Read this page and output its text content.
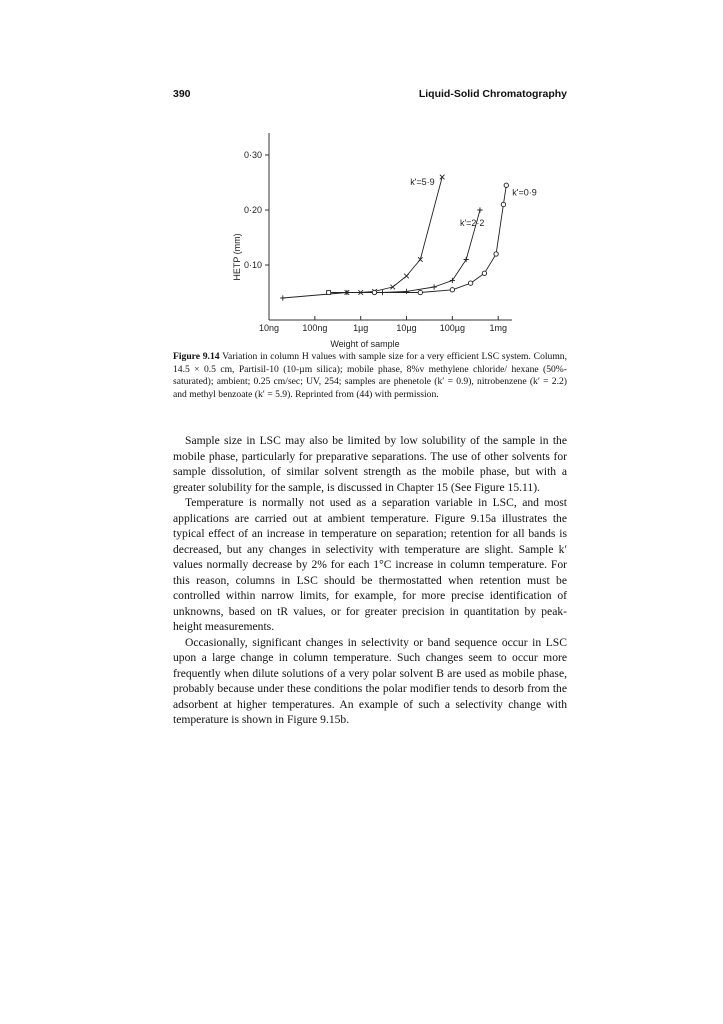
390	Liquid-Solid Chromatography
HETP (mm)
Weight of sample
0·30
0·20
0·10
10ng	100ng	1µg	10µg	100µg	1mg
k'=5·9
k'=2·2
k'=0·9
Figure 9.14 Variation in column H values with sample size for a very efficient LSC system. Column, 14.5 × 0.5 cm, Partisil-10 (10-µm silica); mobile phase, 8%v methylene chloride/ hexane (50%-saturated); ambient; 0.25 cm/sec; UV, 254; samples are phenetole (k′ = 0.9), nitrobenzene (k′ = 2.2) and methyl benzoate (k′ = 5.9). Reprinted from (44) with permission.

Sample size in LSC may also be limited by low solubility of the sample in the mobile phase, particularly for preparative separations. The use of other solvents for sample dissolution, of similar solvent strength as the mobile phase, but with a greater solubility for the sample, is discussed in Chapter 15 (See Figure 15.11).

Temperature is normally not used as a separation variable in LSC, and most applications are carried out at ambient temperature. Figure 9.15a illustrates the typical effect of an increase in temperature on separation; retention for all bands is decreased, but any changes in selectivity with temperature are slight. Sample k′ values normally decrease by 2% for each 1°C increase in column temperature. For this reason, columns in LSC should be thermostatted when retention must be controlled within narrow limits, for example, for more precise identification of unknowns, based on tR values, or for greater precision in quantitation by peak-height measurements.

Occasionally, significant changes in selectivity or band sequence occur in LSC upon a large change in column temperature. Such changes seem to occur more frequently when dilute solutions of a very polar solvent B are used as mobile phase, probably because under these conditions the polar modifier tends to desorb from the adsorbent at higher temperatures. An example of such a selectivity change with temperature is shown in Figure 9.15b.
